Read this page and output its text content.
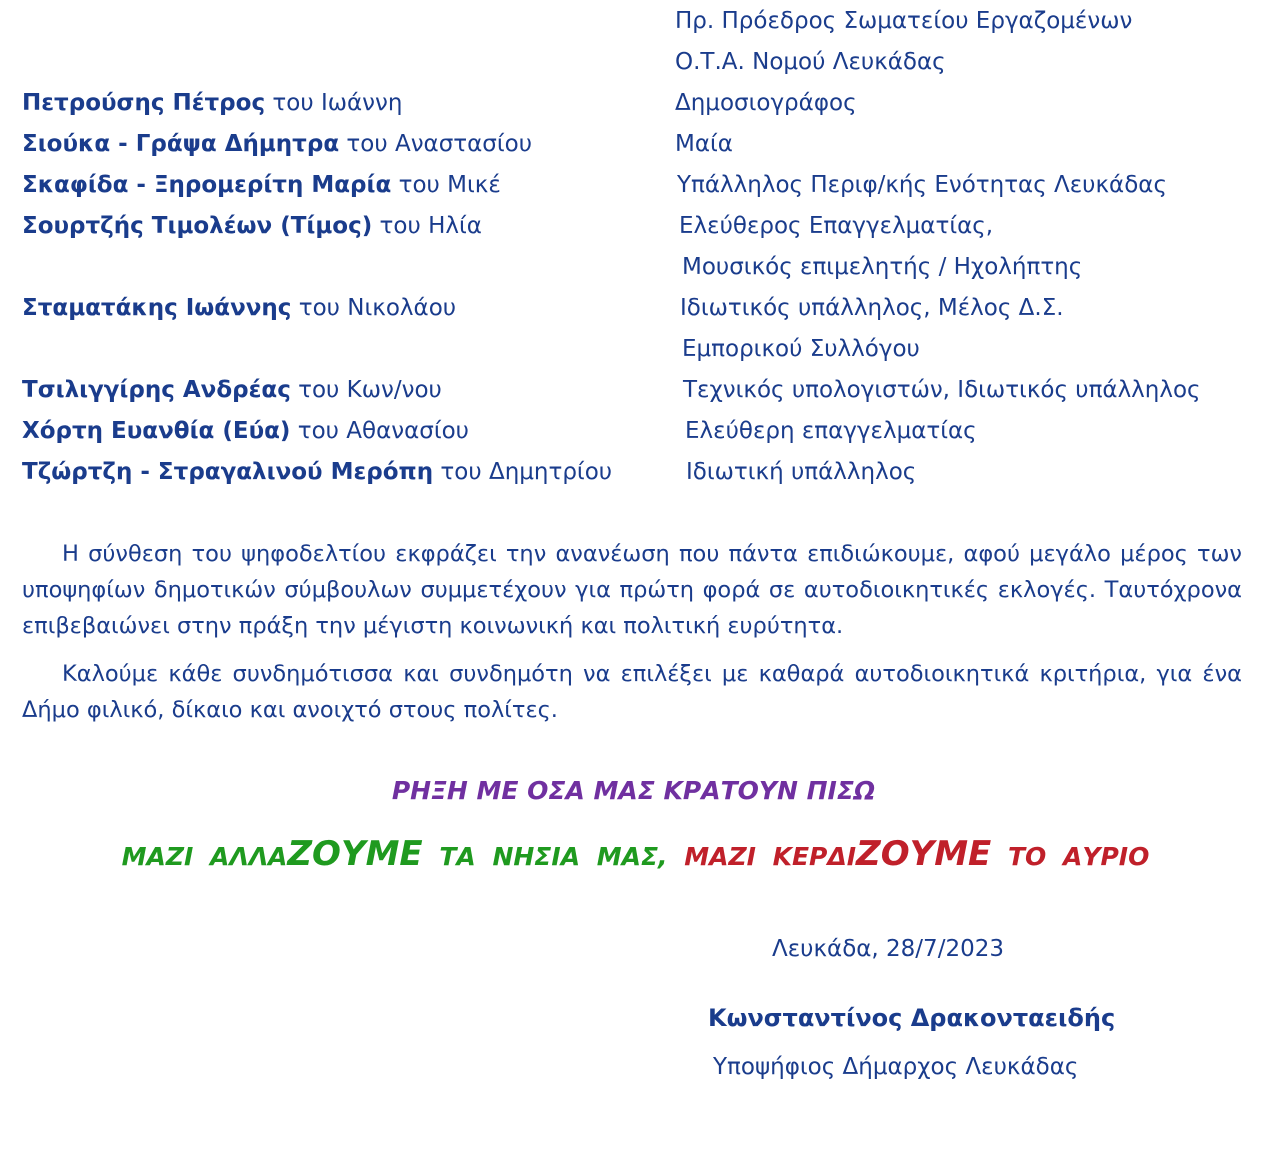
Πετρούσης Πέτρος του Ιωάννη
Σιούκα - Γράψα Δήμητρα του Αναστασίου
Σκαφίδα - Ξηρομερίτη Μαρία του Μικέ
Σουρτζής Τιμολέων (Τίμος) του Ηλία
Σταματάκης Ιωάννης του Νικολάου
Τσιλιγγίρης Ανδρέας του Κων/νου
Χόρτη Ευανθία (Εύα) του Αθανασίου
Τζώρτζη - Στραγαλινού Μερόπη του Δημητρίου
Πρ. Πρόεδρος Σωματείου Εργαζομένων
Ο.Τ.Α. Νομού Λευκάδας
Δημοσιογράφος
Μαία
Υπάλληλος Περιφ/κής Ενότητας Λευκάδας
Ελεύθερος Επαγγελματίας,
Μουσικός επιμελητής / Ηχολήπτης
Ιδιωτικός υπάλληλος, Μέλος Δ.Σ.
Εμπορικού Συλλόγου
Τεχνικός υπολογιστών, Ιδιωτικός υπάλληλος
Ελεύθερη επαγγελματίας
Ιδιωτική υπάλληλος

Η σύνθεση του ψηφοδελτίου εκφράζει την ανανέωση που πάντα επιδιώκουμε, αφού μεγάλο μέρος των υποψηφίων δημοτικών σύμβουλων συμμετέχουν για πρώτη φορά σε αυτοδιοικητικές εκλογές. Ταυτόχρονα επιβεβαιώνει στην πράξη την μέγιστη κοινωνική και πολιτική ευρύτητα.

Καλούμε κάθε συνδημότισσα και συνδημότη να επιλέξει με καθαρά αυτοδιοικητικά κριτήρια, για ένα Δήμο φιλικό, δίκαιο και ανοιχτό στους πολίτες.

ΡΗΞΗ ΜΕ ΟΣΑ ΜΑΣ ΚΡΑΤΟΥΝ ΠΙΣΩ
ΜΑΖΙ ΑΛΛΑΖΟΥΜΕ ΤΑ ΝΗΣΙΑ ΜΑΣ, ΜΑΖΙ ΚΕΡΔΙΖΟΥΜΕ ΤΟ ΑΥΡΙΟ
Λευκάδα, 28/7/2023
Κωνσταντίνος Δρακονταειδής
Υποψήφιος Δήμαρχος Λευκάδας
